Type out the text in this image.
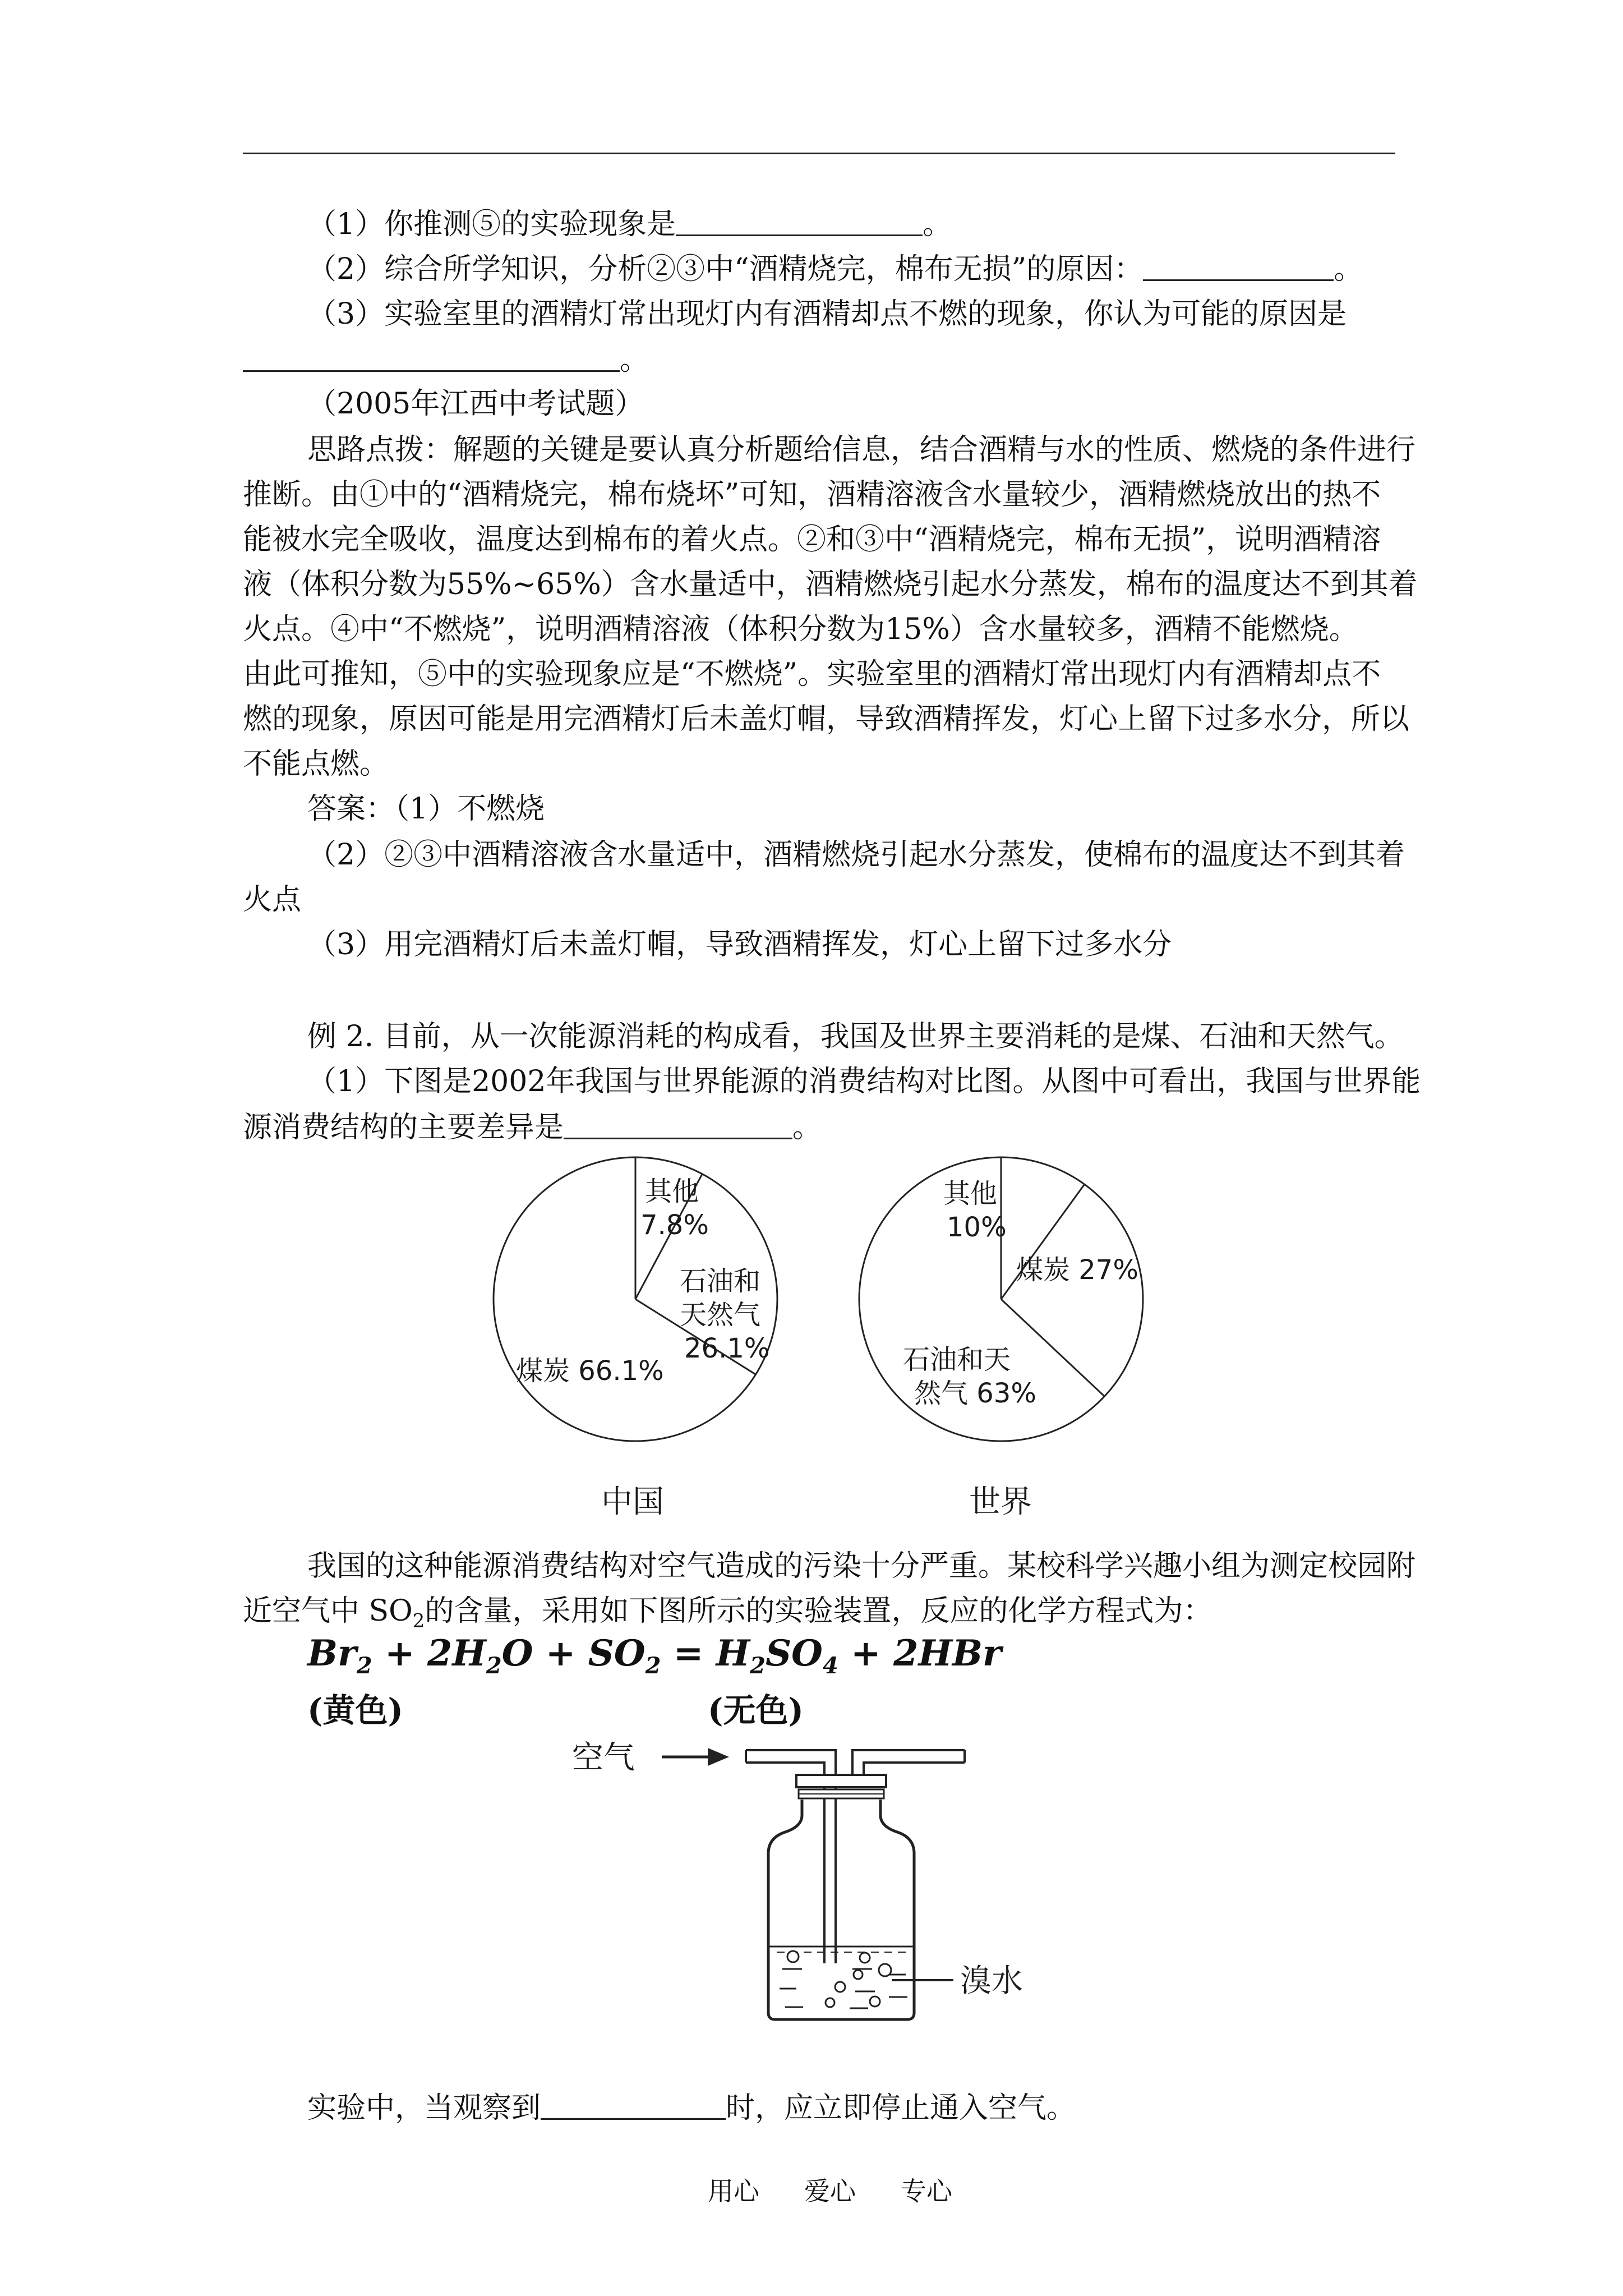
（1）你推测⑤的实验现象是	。
（2）综合所学知识，分析②③中“酒精烧完，棉布无损”的原因：	。
（3）实验室里的酒精灯常出现灯内有酒精却点不燃的现象，你认为可能的原因是
。
（2005年江西中考试题）
思路点拨：解题的关键是要认真分析题给信息，结合酒精与水的性质、燃烧的条件进行
推断。由①中的“酒精烧完，棉布烧坏”可知，酒精溶液含水量较少，酒精燃烧放出的热不
能被水完全吸收，温度达到棉布的着火点。②和③中“酒精烧完，棉布无损”，说明酒精溶
液（体积分数为55%~65%）含水量适中，酒精燃烧引起水分蒸发，棉布的温度达不到其着
火点。④中“不燃烧”，说明酒精溶液（体积分数为15%）含水量较多，酒精不能燃烧。
由此可推知，⑤中的实验现象应是“不燃烧”。实验室里的酒精灯常出现灯内有酒精却点不
燃的现象，原因可能是用完酒精灯后未盖灯帽，导致酒精挥发，灯心上留下过多水分，所以
不能点燃。
答案：（1）不燃烧
（2）②③中酒精溶液含水量适中，酒精燃烧引起水分蒸发，使棉布的温度达不到其着
火点
（3）用完酒精灯后未盖灯帽，导致酒精挥发，灯心上留下过多水分
例 2. 目前，从一次能源消耗的构成看，我国及世界主要消耗的是煤、石油和天然气。
（1）下图是2002年我国与世界能源的消费结构对比图。从图中可看出，我国与世界能
源消费结构的主要差异是	。
其他
7.8%
石油和
天然气
26.1%
煤炭 66.1%
中国
其他
10%
煤炭 27%
石油和天
然气 63%
世界
我国的这种能源消费结构对空气造成的污染十分严重。某校科学兴趣小组为测定校园附
近空气中 $SO_2$的含量，采用如下图所示的实验装置，反应的化学方程式为：
$Br_2 + 2H_2O + SO_2 = H_2SO_4 + 2HBr$
(黄色)	(无色)
空气
溴水
实验中，当观察到	时，应立即停止通入空气。
用心 爱心 专心
